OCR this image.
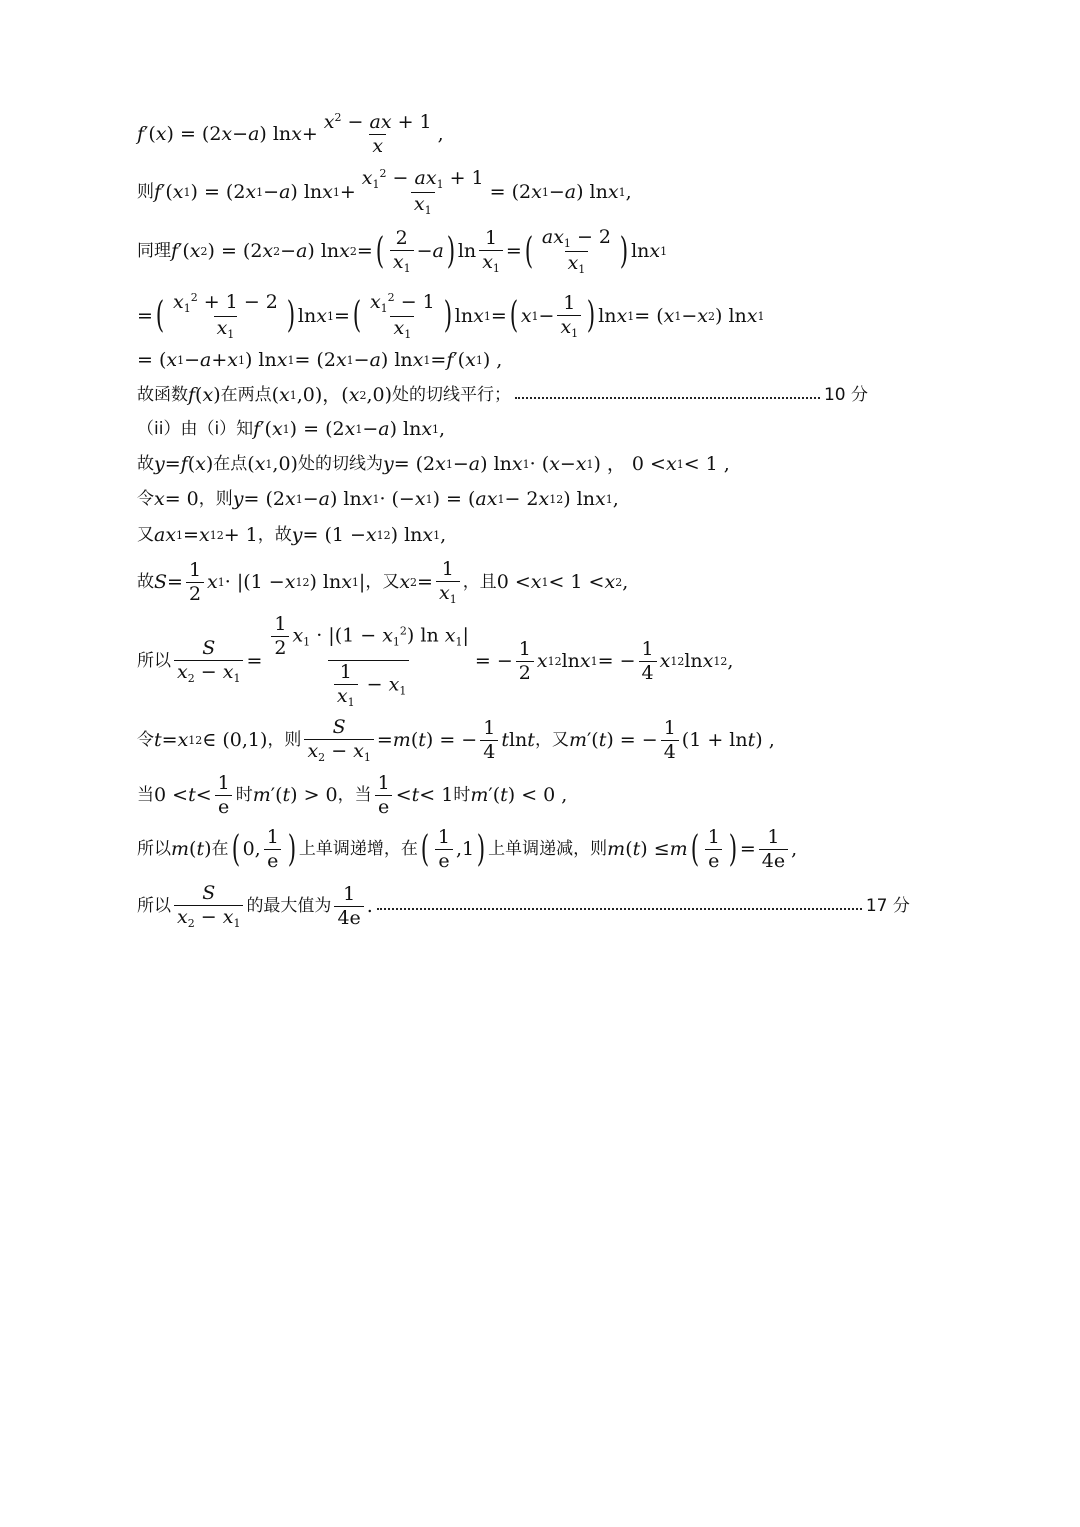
f ′( x ) = (2 x − a ) $\ln x + \frac{x^2 - ax + 1}{x}$ ,
则 f ′( x 1 ) = (2 x 1 − a ) ln x $1 + \frac{x_1^2 - ax_1 + 1}{x_1} = (2$ x 1 − a ) ln x 1 ,
同理 f ′( x 2 ) = (2 x 2 − a ) ln x 2 = ( $\frac{2}{x_1} - a$ ) $\ln \frac{1}{x_1}$ = ( $\frac{ax_1 - 2}{x_1}$ ) ln x 1
= ( $\frac{x_1^2 + 1 - 2}{x_1}$ ) ln x 1 = ( $\frac{x_1^2 - 1}{x_1}$ ) ln x 1 = ( x $1 - \frac{1}{x_1}$ ) ln x 1 = ( x 1 − x 2 ) ln x 1
= ( x 1 − a + x 1 ) ln x 1 = (2 x 1 − a ) ln x 1 = f ′( x 1 ) ,
故函数 f ( x ) 在两点 ( x 1 ,0)，( x 2 ,0) 处的切线平行；	10 分
（ii）由（i）知 f ′( x 1 ) = (2 x 1 − a ) ln x 1 ,
故 y = f ( x ) 在点 ( x 1 ,0) 处的切线为 y = (2 x 1 − a ) ln x 1 · ( x − x 1 ) ， 0 < x 1 < 1 ,
令 x = 0 ，则 y = (2 x 1 − a ) ln x 1 · (− x 1 ) = ( ax 1 − 2 x 1 2 ) ln x 1 ,
又 ax 1 = x 1 2 + 1 ，故 y = (1 − x 1 2 ) ln x 1 ,
故 $S = \frac{1}{2}$ x 1 · |(1 − x 1 2 ) ln x 1 | ，又 x $2 = \frac{1}{x_1}$ ，且 0 < x 1 < 1 < x 2 ,
所以 $\frac{S}{x_2 - x_1} = \frac{\frac{1}{2} x_1 \cdot |(1 - x_1^2) \ln x_1|}{\frac{1}{x_1} - x_1}$ = − $\frac{1}{2}$ x 1 2 ln x 1 = − $\frac{1}{4}$ x 1 2 ln x 1 2 ,
令 t = x 1 2 ∈ (0,1) ，则 $\frac{S}{x_2 - x_1} = m$ ( t ) = − $\frac{1}{4}$ t ln t ，又 m ′( t ) = − $\frac{1}{4} (1 + \ln t$ ) ,
当 $0 < t < \frac{1}{e}$ 时 m ′( t ) > 0 ，当 $\frac{1}{e} < t < 1$ 时 m ′( t ) < 0 ,
所以 m ( t ) 在 ( 0, $\frac{1}{e}$ ) 上单调递增，在 ( $\frac{1}{e} ,1$ ) 上单调递减，则 m ( t ) ≤ m ( $\frac{1}{e}$ ) = $\frac{1}{4e}$ ,
所以 $\frac{S}{x_2 - x_1}$ 的最大值为 $\frac{1}{4e}$ .	17 分
